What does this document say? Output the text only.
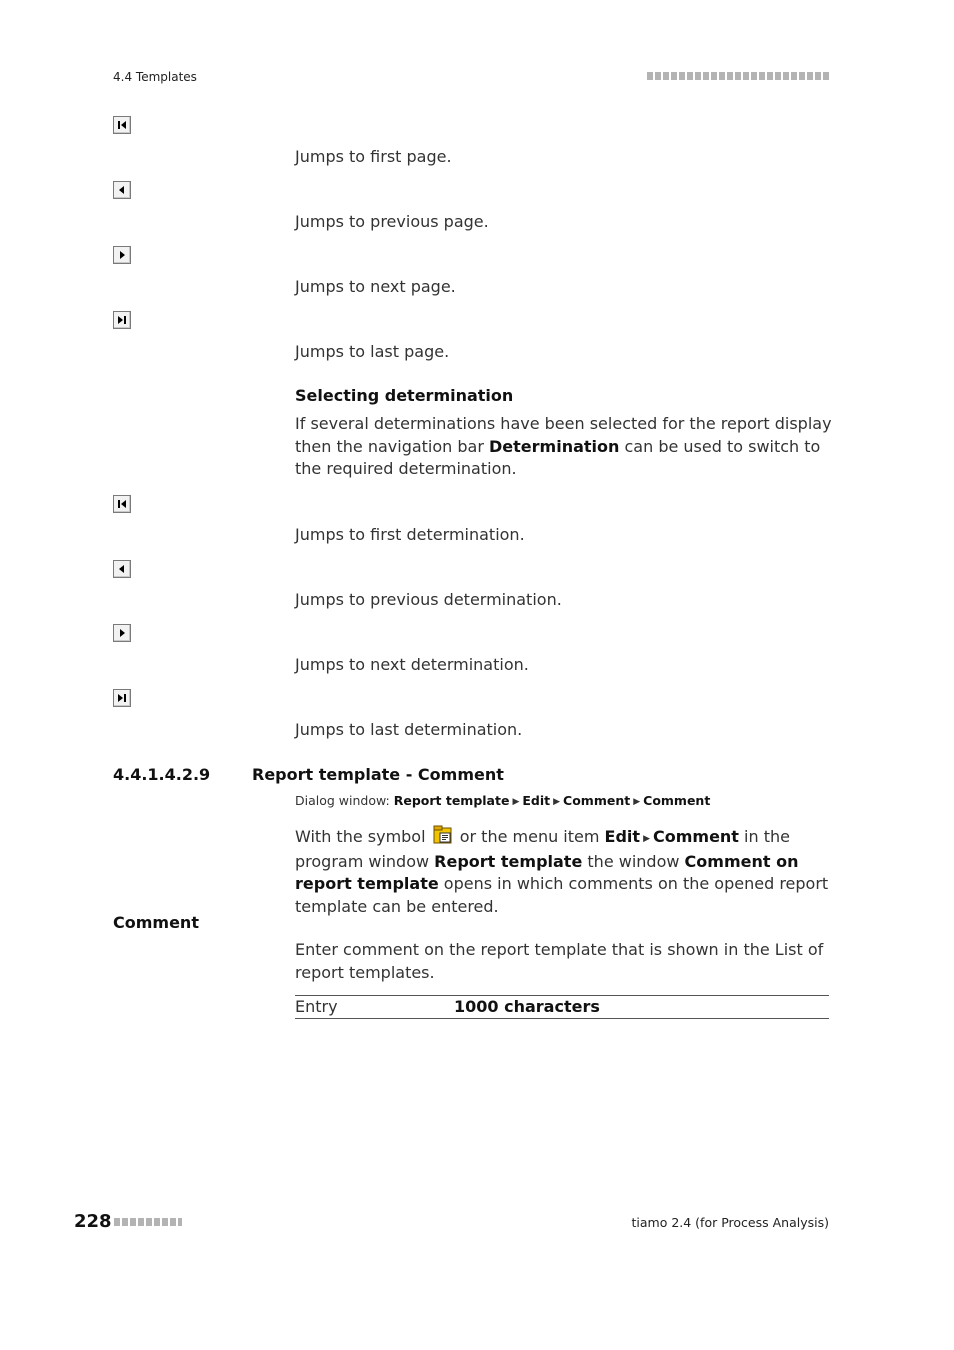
4.4 Templates
Jumps to first page.
Jumps to previous page.
Jumps to next page.
Jumps to last page.
Selecting determination
If several determinations have been selected for the report display then the navigation bar Determination can be used to switch to the required determination.
Jumps to first determination.
Jumps to previous determination.
Jumps to next determination.
Jumps to last determination.
4.4.1.4.2.9	Report template - Comment
Dialog window: Report template ▶ Edit ▶ Comment ▶ Comment
With the symbol  or the menu item Edit ▶ Comment in the program window Report template the window Comment on report template opens in which comments on the opened report template can be entered.
Comment
Enter comment on the report template that is shown in the List of report templates.
Entry	1000 characters
228	tiamo 2.4 (for Process Analysis)
